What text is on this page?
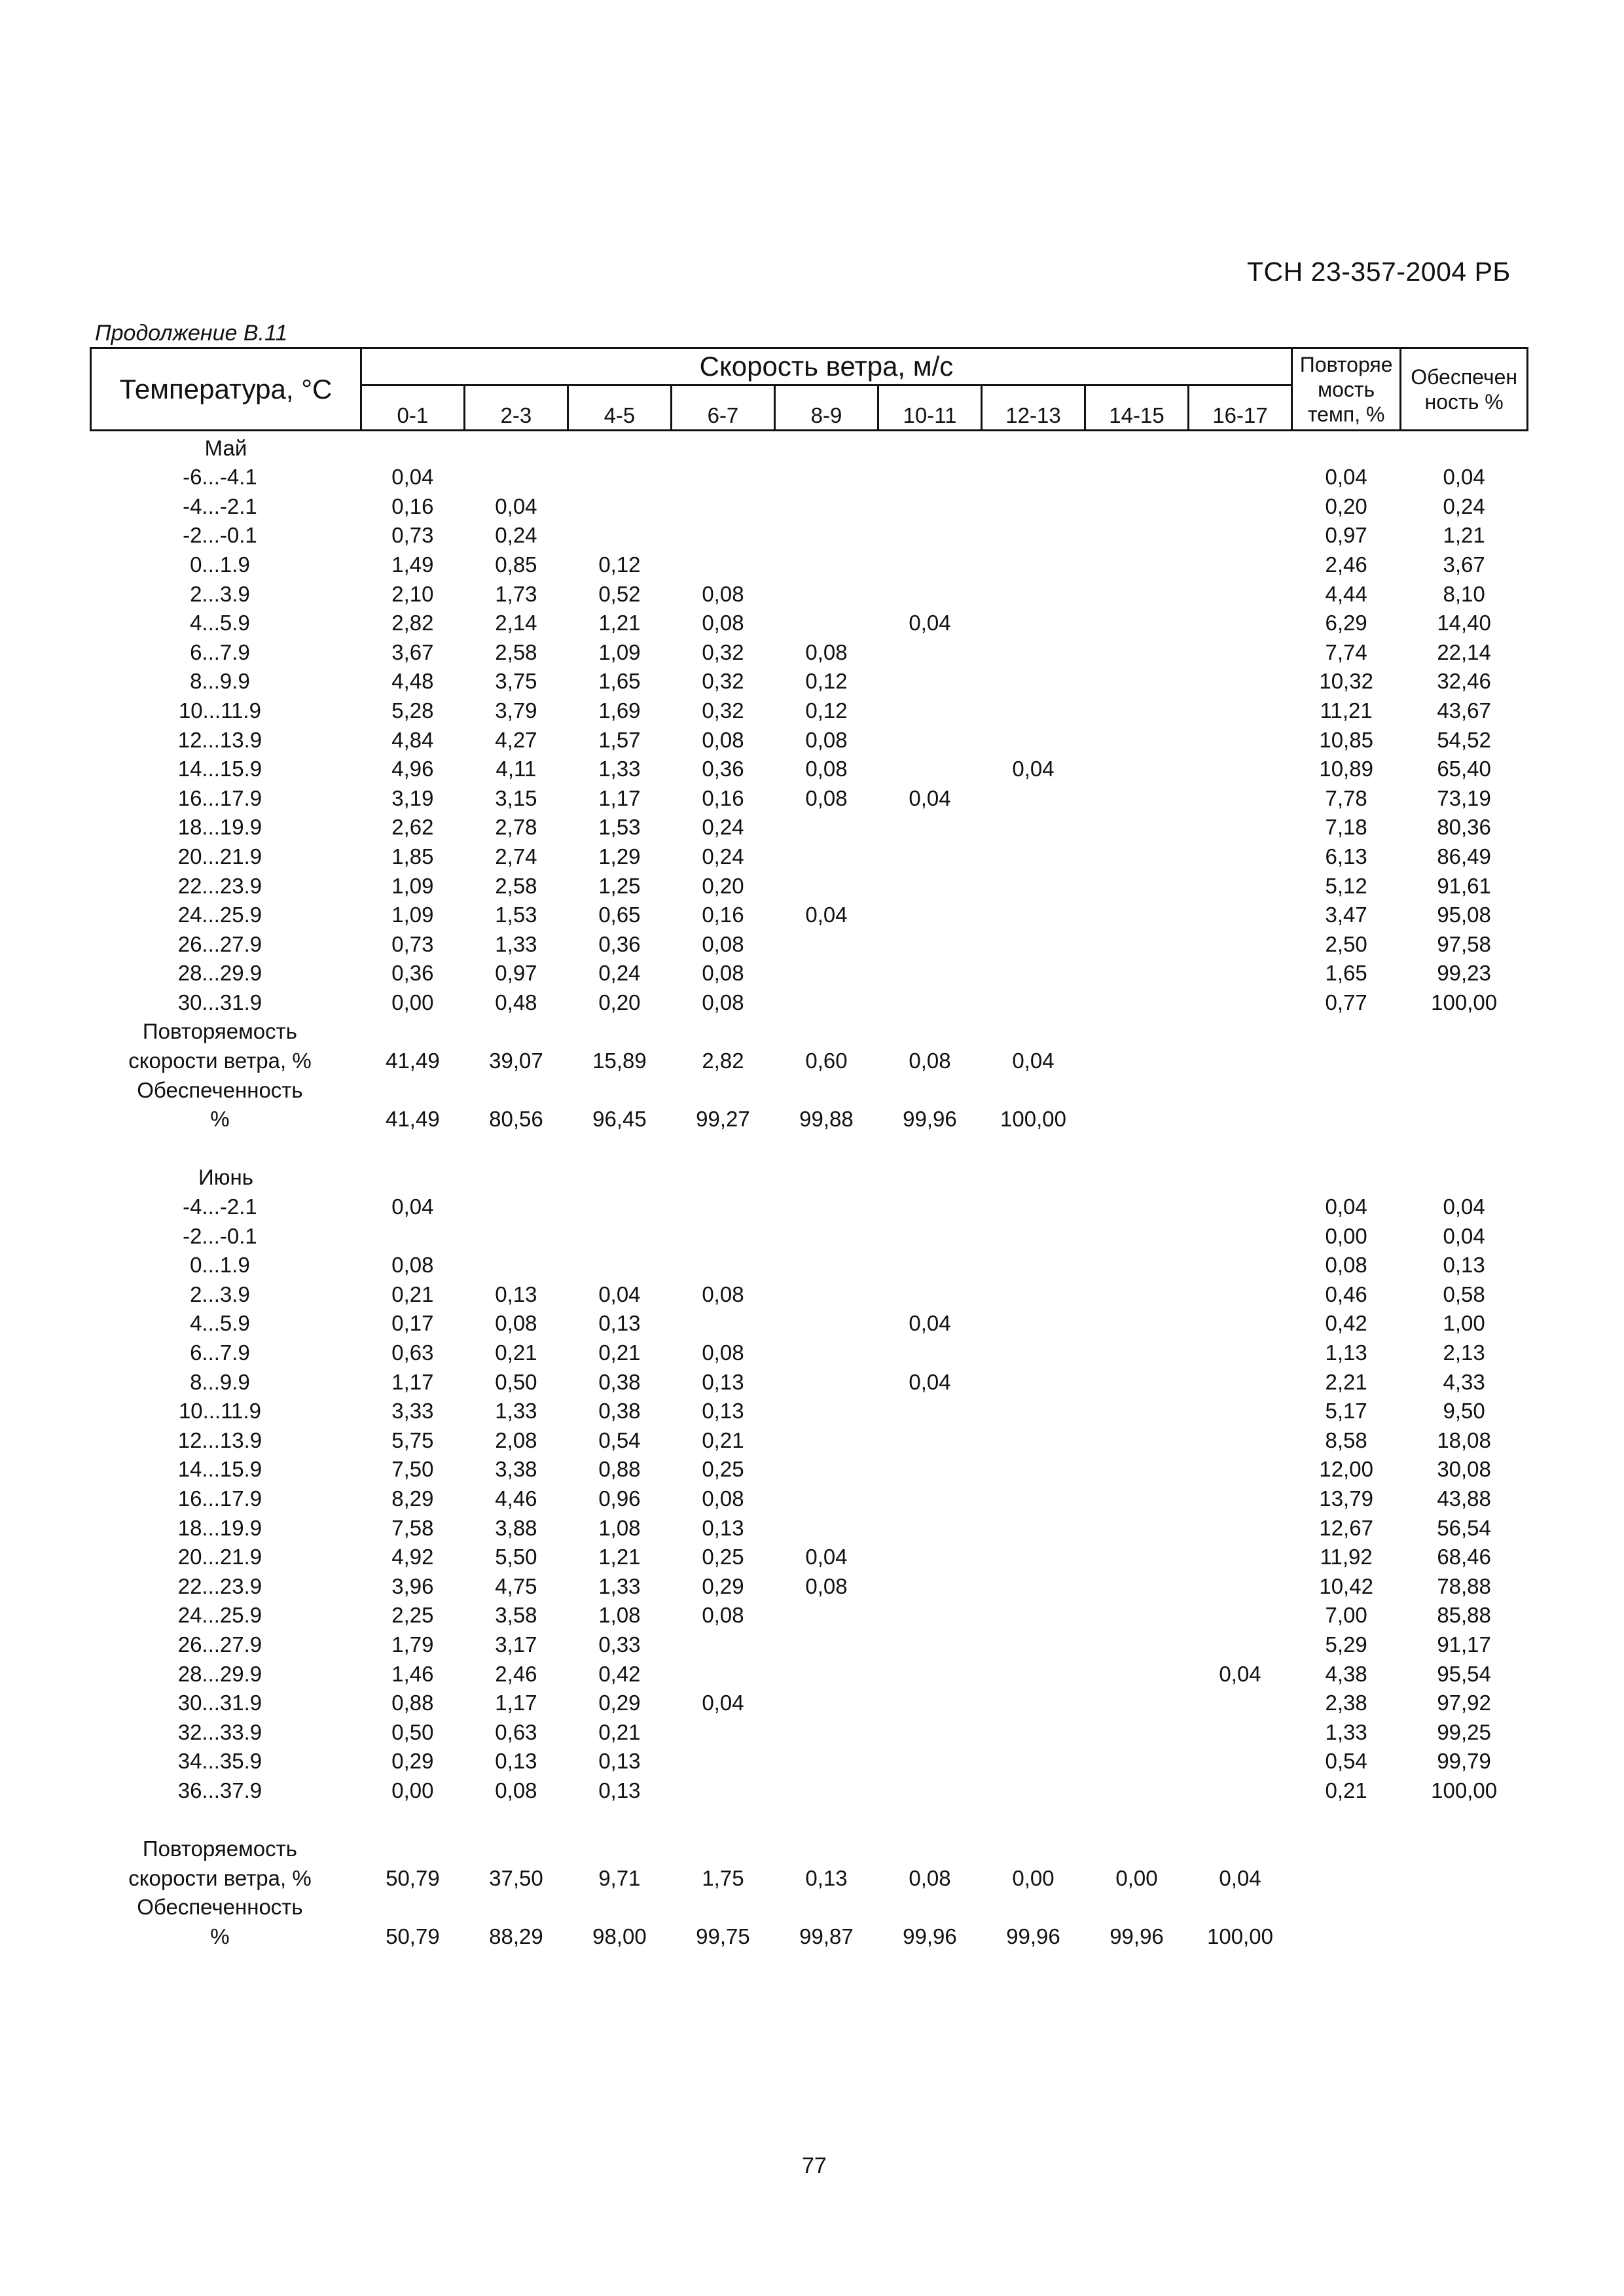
ТСН 23-357-2004 РБ
Продолжение В.11
Температура, °С	Скорость ветра, м/с									Повторяе
мость
темп, %	Обеспечен
ность %
	0-1	2-3	4-5	6-7	8-9	10-11	12-13	14-15	16-17		
Май											
-6...-4.1	0,04									0,04	0,04
-4...-2.1	0,16	0,04								0,20	0,24
-2...-0.1	0,73	0,24								0,97	1,21
0...1.9	1,49	0,85	0,12							2,46	3,67
2...3.9	2,10	1,73	0,52	0,08						4,44	8,10
4...5.9	2,82	2,14	1,21	0,08		0,04				6,29	14,40
6...7.9	3,67	2,58	1,09	0,32	0,08					7,74	22,14
8...9.9	4,48	3,75	1,65	0,32	0,12					10,32	32,46
10...11.9	5,28	3,79	1,69	0,32	0,12					11,21	43,67
12...13.9	4,84	4,27	1,57	0,08	0,08					10,85	54,52
14...15.9	4,96	4,11	1,33	0,36	0,08		0,04			10,89	65,40
16...17.9	3,19	3,15	1,17	0,16	0,08	0,04				7,78	73,19
18...19.9	2,62	2,78	1,53	0,24						7,18	80,36
20...21.9	1,85	2,74	1,29	0,24						6,13	86,49
22...23.9	1,09	2,58	1,25	0,20						5,12	91,61
24...25.9	1,09	1,53	0,65	0,16	0,04					3,47	95,08
26...27.9	0,73	1,33	0,36	0,08						2,50	97,58
28...29.9	0,36	0,97	0,24	0,08						1,65	99,23
30...31.9	0,00	0,48	0,20	0,08						0,77	100,00
Повторяемость											
скорости ветра, %	41,49	39,07	15,89	2,82	0,60	0,08	0,04				
Обеспеченность											
%	41,49	80,56	96,45	99,27	99,88	99,96	100,00				

Июнь											
-4...-2.1	0,04									0,04	0,04
-2...-0.1										0,00	0,04
0...1.9	0,08									0,08	0,13
2...3.9	0,21	0,13	0,04	0,08						0,46	0,58
4...5.9	0,17	0,08	0,13			0,04				0,42	1,00
6...7.9	0,63	0,21	0,21	0,08						1,13	2,13
8...9.9	1,17	0,50	0,38	0,13		0,04				2,21	4,33
10...11.9	3,33	1,33	0,38	0,13						5,17	9,50
12...13.9	5,75	2,08	0,54	0,21						8,58	18,08
14...15.9	7,50	3,38	0,88	0,25						12,00	30,08
16...17.9	8,29	4,46	0,96	0,08						13,79	43,88
18...19.9	7,58	3,88	1,08	0,13						12,67	56,54
20...21.9	4,92	5,50	1,21	0,25	0,04					11,92	68,46
22...23.9	3,96	4,75	1,33	0,29	0,08					10,42	78,88
24...25.9	2,25	3,58	1,08	0,08						7,00	85,88
26...27.9	1,79	3,17	0,33							5,29	91,17
28...29.9	1,46	2,46	0,42						0,04	4,38	95,54
30...31.9	0,88	1,17	0,29	0,04						2,38	97,92
32...33.9	0,50	0,63	0,21							1,33	99,25
34...35.9	0,29	0,13	0,13							0,54	99,79
36...37.9	0,00	0,08	0,13							0,21	100,00

Повторяемость											
скорости ветра, %	50,79	37,50	9,71	1,75	0,13	0,08	0,00	0,00	0,04		
Обеспеченность											
%	50,79	88,29	98,00	99,75	99,87	99,96	99,96	99,96	100,00		
77
